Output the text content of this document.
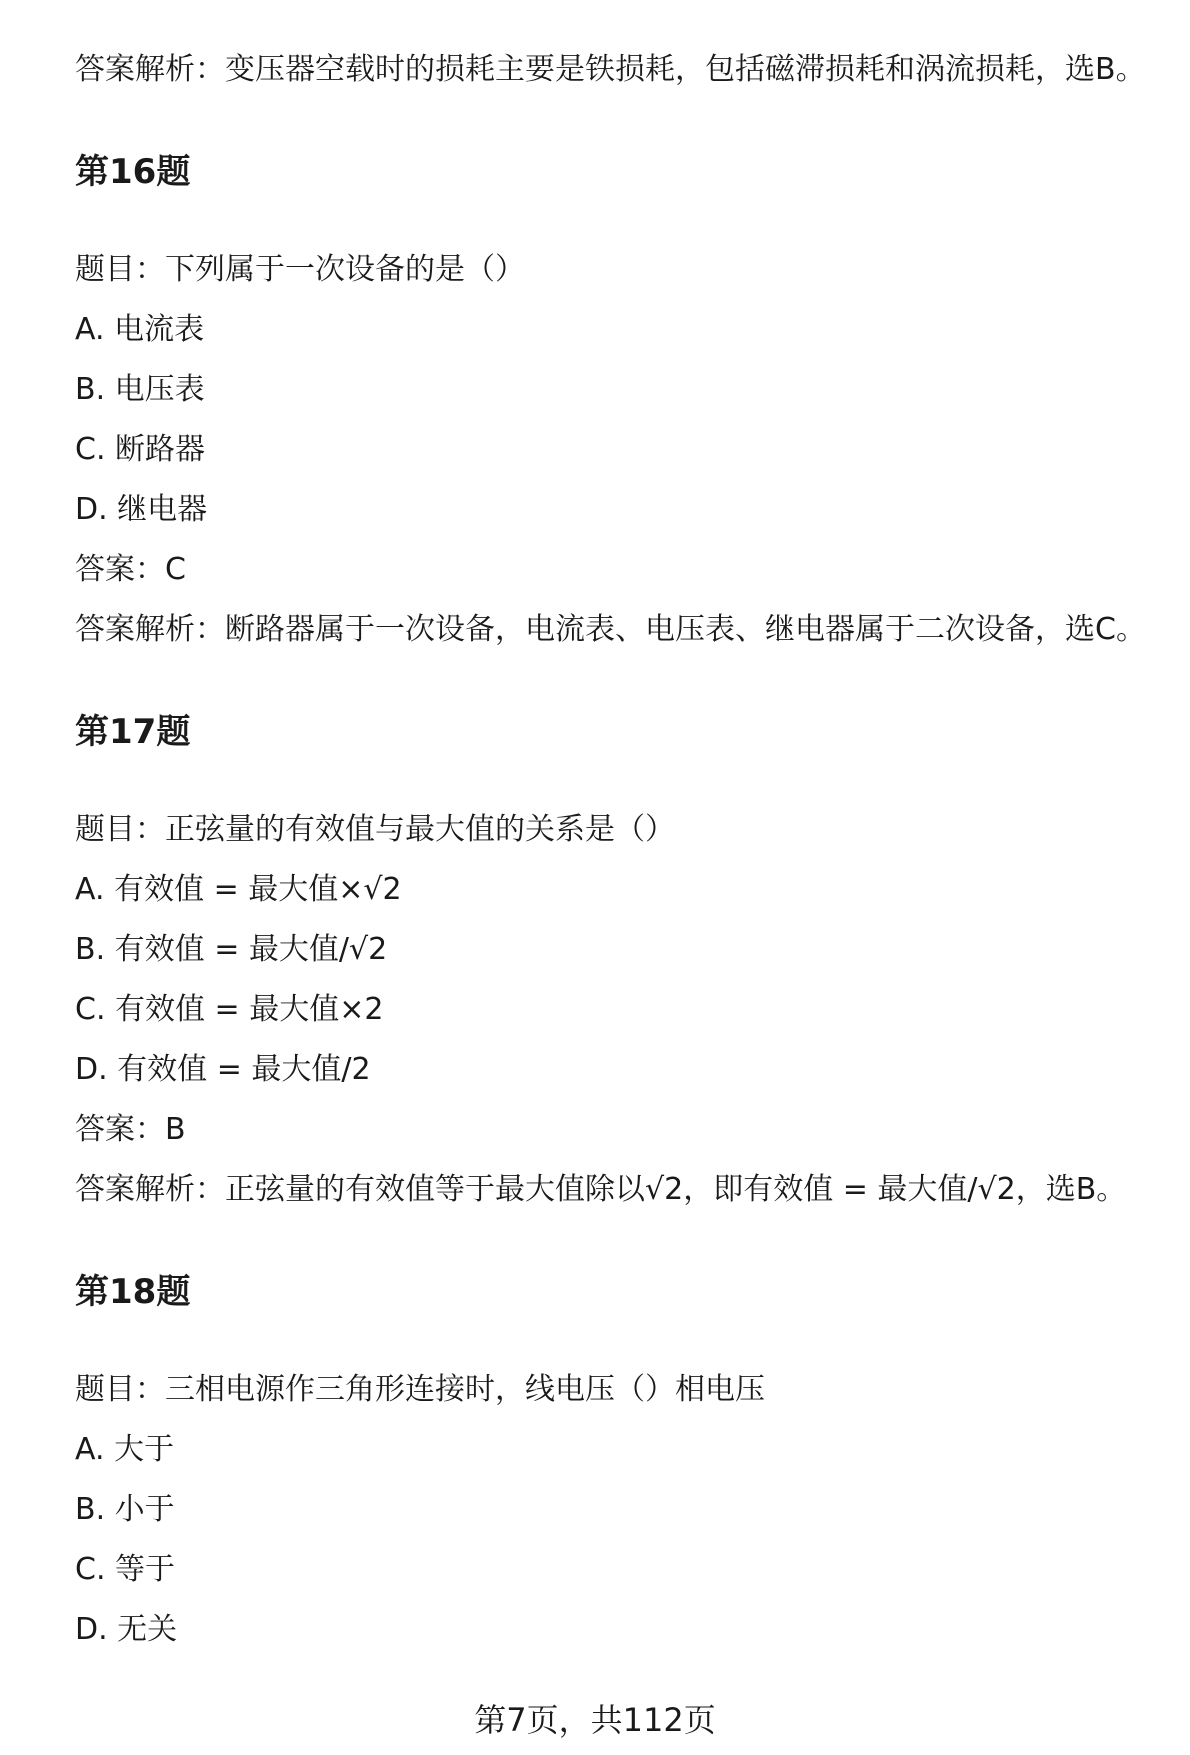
答案解析：变压器空载时的损耗主要是铁损耗，包括磁滞损耗和涡流损耗，选B。
第16题
题目：下列属于一次设备的是（）
A. 电流表
B. 电压表
C. 断路器
D. 继电器
答案：C
答案解析：断路器属于一次设备，电流表、电压表、继电器属于二次设备，选C。
第17题
题目：正弦量的有效值与最大值的关系是（）
A. 有效值 = 最大值×√2
B. 有效值 = 最大值/√2
C. 有效值 = 最大值×2
D. 有效值 = 最大值/2
答案：B
答案解析：正弦量的有效值等于最大值除以√2，即有效值 = 最大值/√2，选B。
第18题
题目：三相电源作三角形连接时，线电压（）相电压
A. 大于
B. 小于
C. 等于
D. 无关
第7页，共112页
